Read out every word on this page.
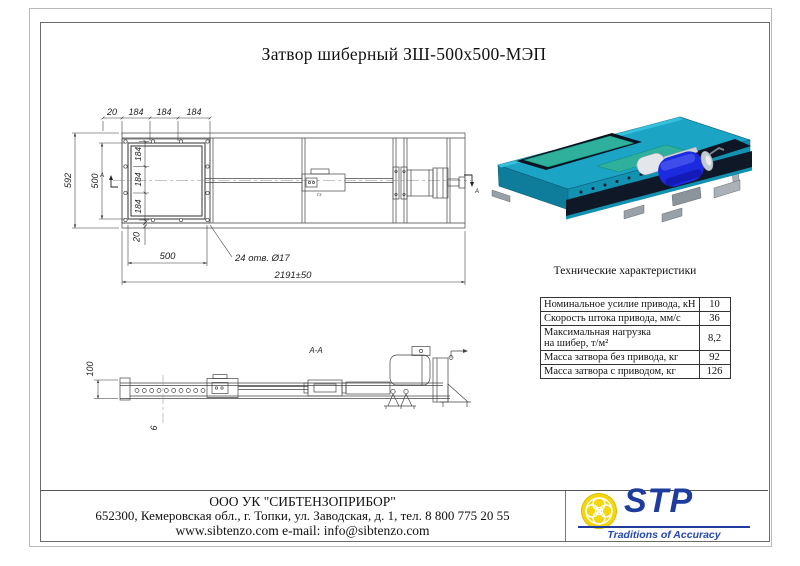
Затвор шиберный ЗШ-500х500-МЭП
А
А
Т3
20 184 184 184
592 500
184
184
184
20
500	24 отв. Ø17
2191±50	Технические характеристики
Номинальное усилие привода, кН	10
Скорость штока привода, мм/с	36
Максимальная нагрузка
на шибер, т/м²	8,2
Масса затвора без привода, кг	92
Масса затвора с приводом, кг	126
А-А
100
6
ООО УК "СИБТЕНЗОПРИБОР"
652300, Кемеровская обл., г. Топки, ул. Заводская, д. 1, тел. 8 800 775 20 55
www.sibtenzo.com e-mail: info@sibtenzo.com
STP
Traditions of Accuracy
